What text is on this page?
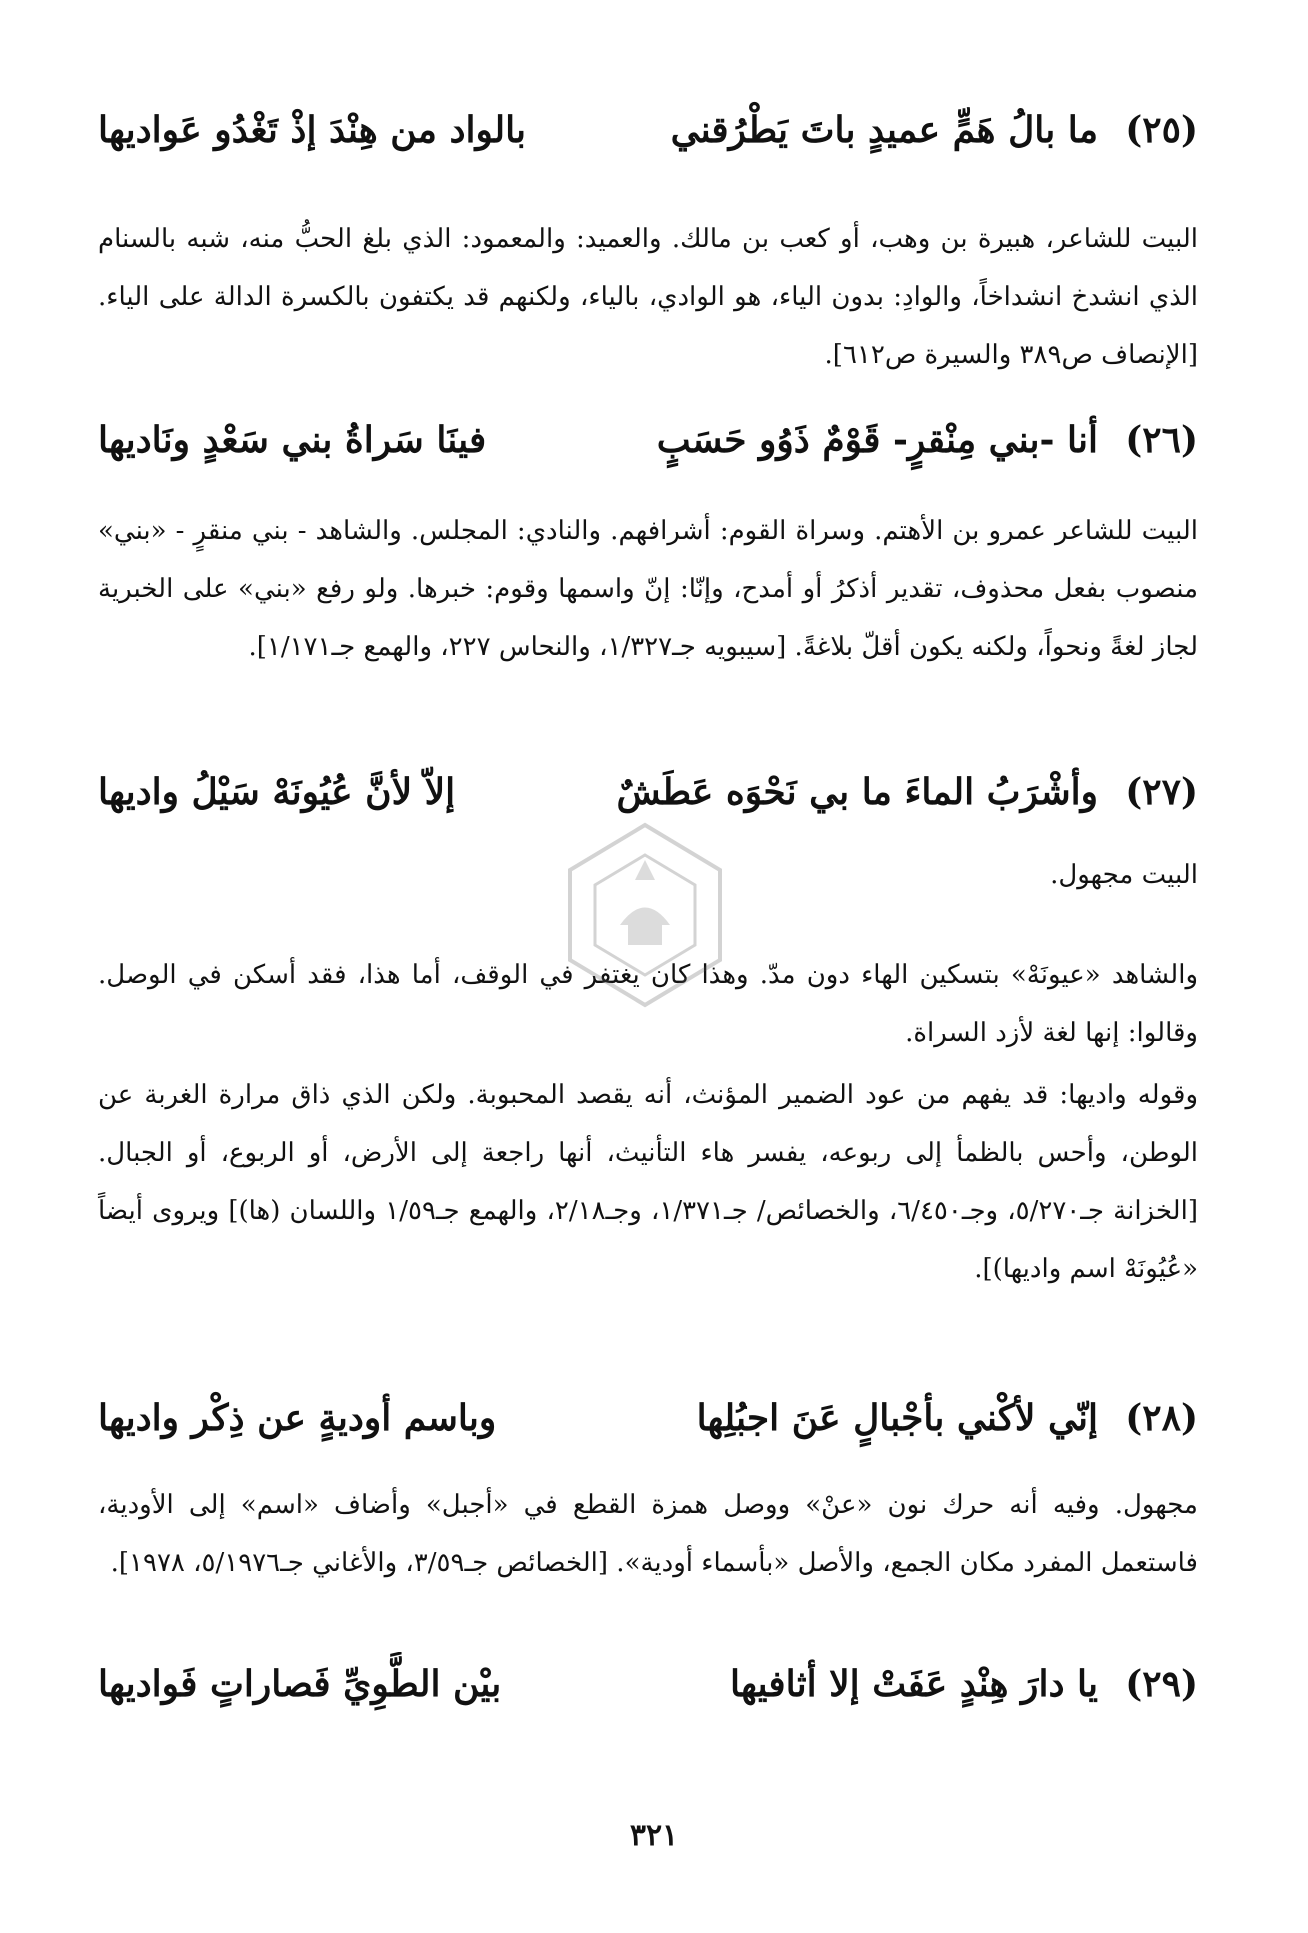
(٢٥)
ما بالُ هَمٍّ عميدٍ باتَ يَطْرُقني
بالواد من هِنْدَ إذْ تَغْدُو عَواديها

البيت للشاعر، هبيرة بن وهب، أو كعب بن مالك. والعميد: والمعمود: الذي بلغ الحبُّ منه، شبه بالسنام الذي انشدخ انشداخاً، والوادِ: بدون الياء، هو الوادي، بالياء، ولكنهم قد يكتفون بالكسرة الدالة على الياء. [الإنصاف ص٣٨٩ والسيرة ص٦١٢].

(٢٦)
أنا -بني مِنْقرٍ- قَوْمٌ ذَوُو حَسَبٍ
فينَا سَراةُ بني سَعْدٍ ونَاديها

البيت للشاعر عمرو بن الأهتم. وسراة القوم: أشرافهم. والنادي: المجلس. والشاهد - بني منقرٍ - «بني» منصوب بفعل محذوف، تقدير أذكرُ أو أمدح، وإنّا: إنّ واسمها وقوم: خبرها. ولو رفع «بني» على الخبرية لجاز لغةً ونحواً، ولكنه يكون أقلّ بلاغةً. [سيبويه جـ١/٣٢٧، والنحاس ٢٢٧، والهمع جـ١/١٧١].

(٢٧)
وأشْرَبُ الماءَ ما بي نَحْوَه عَطَشٌ
إلاّ لأنَّ عُيُونَهْ سَيْلُ واديها

البيت مجهول.

والشاهد «عيونَهْ» بتسكين الهاء دون مدّ. وهذا كان يغتفر في الوقف، أما هذا، فقد أسكن في الوصل. وقالوا: إنها لغة لأزد السراة.

وقوله واديها: قد يفهم من عود الضمير المؤنث، أنه يقصد المحبوبة. ولكن الذي ذاق مرارة الغربة عن الوطن، وأحس بالظمأ إلى ربوعه، يفسر هاء التأنيث، أنها راجعة إلى الأرض، أو الربوع، أو الجبال. [الخزانة جـ٥/٢٧٠، وجـ٦/٤٥٠، والخصائص/ جـ١/٣٧١، وجـ٢/١٨، والهمع جـ١/٥٩ واللسان (ها)] ويروى أيضاً «عُيُونَهْ اسم واديها)].

(٢٨)
إنّي لأكْني بأجْبالٍ عَنَ اجبُلِها
وباسم أوديةٍ عن ذِكْر واديها

مجهول. وفيه أنه حرك نون «عنْ» ووصل همزة القطع في «أجبل» وأضاف «اسم» إلى الأودية، فاستعمل المفرد مكان الجمع، والأصل «بأسماء أودية». [الخصائص جـ٣/٥٩، والأغاني جـ٥/١٩٧٦، ١٩٧٨].

(٢٩)
يا دارَ هِنْدٍ عَفَتْ إلا أثافيها
بيْن الطَّوِيِّ فَصاراتٍ فَواديها
٣٢١
